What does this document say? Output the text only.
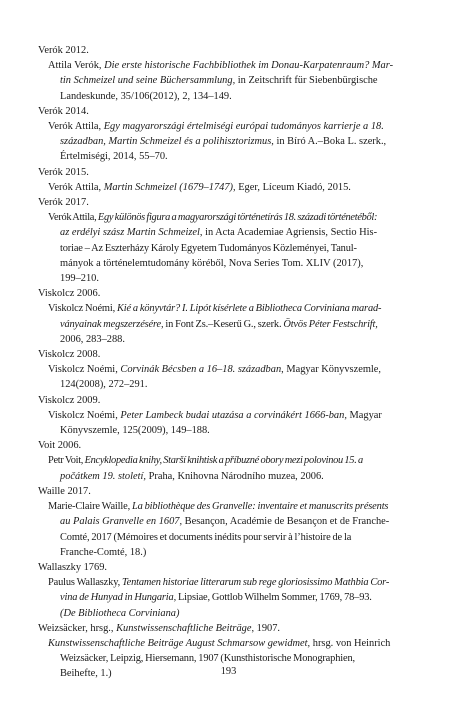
Verók 2012.
Attila Verók, Die erste historische Fachbibliothek im Donau-Karpatenraum? Mar-
tin Schmeizel und seine Büchersammlung, in Zeitschrift für Siebenbürgische
Landeskunde, 35/106(2012), 2, 134–149.
Verók 2014.
Verók Attila, Egy magyarországi értelmiségi európai tudományos karrierje a 18.
században, Martin Schmeizel és a polihisztorizmus, in Bíró A.–Boka L. szerk.,
Értelmiségi, 2014, 55–70.
Verók 2015.
Verók Attila, Martin Schmeizel (1679–1747), Eger, Líceum Kiadó, 2015.
Verók 2017.
Verók Attila, Egy különös figura a magyarországi történetírás 18. századi történetéből:
az erdélyi szász Martin Schmeizel, in Acta Academiae Agriensis, Sectio His-
toriae – Az Eszterházy Károly Egyetem Tudományos Közleményei, Tanul-
mányok a történelemtudomány köréből, Nova Series Tom. XLIV (2017),
199–210.
Viskolcz 2006.
Viskolcz Noémi, Kié a könyvtár? I. Lipót kísérlete a Bibliotheca Corviniana marad-
ványainak megszerzésére, in Font Zs.–Keserű G., szerk. Ötvös Péter Festschrift,
2006, 283–288.
Viskolcz 2008.
Viskolcz Noémi, Corvinák Bécsben a 16–18. században, Magyar Könyvszemle,
124(2008), 272–291.
Viskolcz 2009.
Viskolcz Noémi, Peter Lambeck budai utazása a corvinákért 1666-ban, Magyar
Könyvszemle, 125(2009), 149–188.
Voit 2006.
Petr Voit, Encyklopedia knihy, Starší knihtisk a příbuzné obory mezi polovinou 15. a
počátkem 19. století, Praha, Knihovna Národního muzea, 2006.
Waille 2017.
Marie-Claire Waille, La bibliothèque des Granvelle: inventaire et manuscrits présents
au Palais Granvelle en 1607, Besançon, Académie de Besançon et de Franche-
Comté, 2017 (Mémoires et documents inédits pour servir à l’histoire de la
Franche-Comté, 18.)
Wallaszky 1769.
Paulus Wallaszky, Tentamen historiae litterarum sub rege gloriosissimo Mathbia Cor-
vina de Hunyad in Hungaria, Lipsiae, Gottlob Wilhelm Sommer, 1769, 78–93.
(De Bibliotheca Corviniana)
Weizsäcker, hrsg., Kunstwissenschaftliche Beiträge, 1907.
Kunstwissenschaftliche Beiträge August Schmarsow gewidmet, hrsg. von Heinrich
Weizsäcker, Leipzig, Hiersemann, 1907 (Kunsthistorische Monographien,
Beihefte, 1.)	193
